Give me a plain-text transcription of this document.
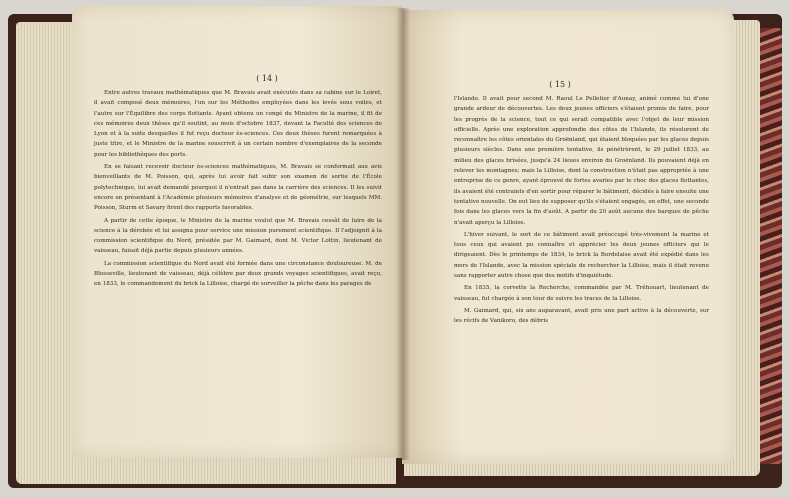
( 14 )
( 15 )

Entre autres travaux mathématiques que M. Bravais avait exécutés dans sa cabine sur le Loiret, il avait composé deux mémoires, l'un sur les Méthodes employées dans les levés sous voiles, et l'autre sur l'Équilibre des corps flottants. Ayant obtenu un congé du Ministre de la marine, il fit de ces mémoires deux thèses qu'il soutint, au mois d'octobre 1837, devant la Faculté des sciences de Lyon et à la suite desquelles il fut reçu docteur ès-sciences. Ces deux thèses furent remarquées à juste titre, et le Ministre de la marine souscrivit à un certain nombre d'exemplaires de la seconde pour les bibliothèques des ports.

En se faisant recevoir docteur ès-sciences mathématiques, M. Bravais se conformait aux avis bienveillants de M. Poisson, qui, après lui avoir fait subir son examen de sortie de l'École polytechnique, lui avait demandé pourquoi il n'entrait pas dans la carrière des sciences. Il les suivit encore en présentant à l'Académie plusieurs mémoires d'analyse et de géométrie, sur lesquels MM. Poisson, Sturm et Savary firent des rapports favorables.

A partir de cette époque, le Ministre de la marine voulut que M. Bravais cessât de faire de la science à la dérobée et lui assigna pour service une mission purement scientifique. Il l'adjoignit à la commission scientifique du Nord, présidée par M. Gaimard, dont M. Victor Lottin, lieutenant de vaisseau, faisait déjà partie depuis plusieurs années.

La commission scientifique du Nord avait été formée dans une circonstance douloureuse. M. de Blosseville, lieutenant de vaisseau, déjà célèbre par deux grands voyages scientifiques, avait reçu, en 1833, le commandement du brick la Lilloise, chargé de surveiller la pêche dans les parages de

l'Islande. Il avait pour second M. Raoul Le Pelletier d'Aunay, animé comme lui d'une grande ardeur de découvertes. Les deux jeunes officiers s'étaient promis de faire, pour les progrès de la science, tout ce qui serait compatible avec l'objet de leur mission officielle. Après une exploration approfondie des côtes de l'Islande, ils résolurent de reconnaître les côtes orientales du Groënland, qui étaient bloquées par les glaces depuis plusieurs siècles. Dans une première tentative, ils pénétrèrent, le 29 juillet 1833, au milieu des glaces brisées, jusqu'à 24 lieues environ du Groënland. Ils pouvaient déjà en relever les montagnes; mais la Lilloise, dont la construction n'était pas appropriée à une entreprise de ce genre, ayant éprouvé de fortes avaries par le choc des glaces flottantes, ils avaient été contraints d'en sortir pour réparer le bâtiment, décidés à faire ensuite une tentative nouvelle. On eut lieu de supposer qu'ils s'étaient engagés, en effet, une seconde fois dans les glaces vers la fin d'août. A partir du 20 août aucune des barques de pêche n'avait aperçu la Lilloise.

L'hiver suivant, le sort de ce bâtiment avait préoccupé très-vivement la marine et tous ceux qui avaient pu connaître et apprécier les deux jeunes officiers qui le dirigeaient. Dès le printemps de 1834, le brick la Bordelaise avait été expédié dans les mers de l'Islande, avec la mission spéciale de rechercher la Lilloise, mais il était revenu sans rapporter autre chose que des motifs d'inquiétude.

En 1835, la corvette la Recherche, commandée par M. Tréhouart, lieutenant de vaisseau, fut chargée à son tour de suivre les traces de la Lilloise.

M. Gaimard, qui, six ans auparavant, avait pris une part active à la découverte, sur les récifs de Vanikoro, des débris
